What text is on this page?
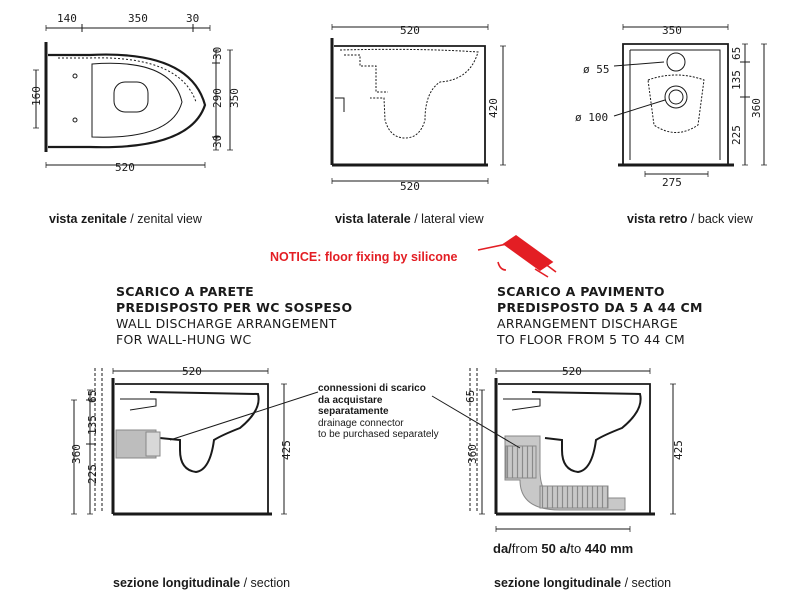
140	350	30
520
160
30
290 350
30
520
520
420
350
275
ø 55
ø 100
65
135
225
360
520
65
135
360
225
425
520
65
360	425
vista zenitale / zenital view	vista laterale / lateral view	vista retro / back view
NOTICE: floor fixing by silicone
SCARICO A PARETE
PREDISPOSTO PER WC SOSPESO
WALL DISCHARGE ARRANGEMENT
FOR WALL-HUNG WC
SCARICO A PAVIMENTO
PREDISPOSTO DA 5 A 44 CM
ARRANGEMENT DISCHARGE
TO FLOOR FROM 5 TO 44 CM
connessioni di scarico
da acquistare
separatamente
drainage connector
to be purchased separately
da/from 50 a/to 440 mm
sezione longitudinale / section	sezione longitudinale / section
